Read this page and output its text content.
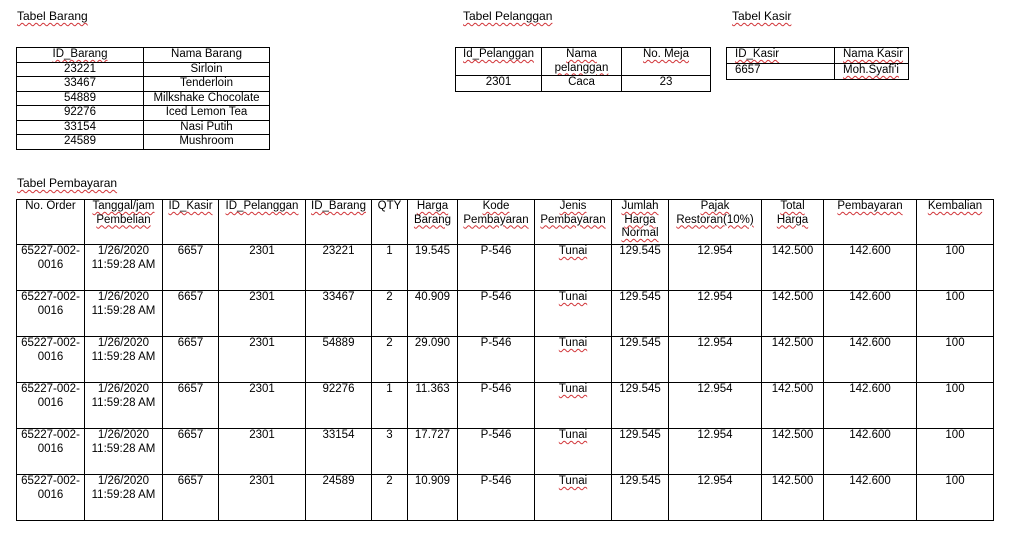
Tabel Barang	Tabel Pelanggan	Tabel Kasir
Tabel Pembayaran
ID_Barang	Nama Barang
23221	Sirloin
33467	Tenderloin
54889	Milkshake Chocolate
92276	Iced Lemon Tea
33154	Nasi Putih
24589	Mushroom
Id_Pelanggan	Nama pelanggan	No. Meja
2301	Caca	23
ID_Kasir	Nama Kasir
6657	Moh.Syafi'i
No. Order	Tanggal/jam Pembelian	ID_Kasir	ID_Pelanggan	ID_Barang	QTY	Harga Barang	Kode Pembayaran	Jenis Pembayaran	Jumlah Harga Normal	Pajak Restoran(10%)	Total Harga	Pembayaran	Kembalian
65227-002-0016	1/26/2020 11:59:28 AM	6657	2301	23221	1	19.545	P-546	Tunai	129.545	12.954	142.500	142.600	100
65227-002-0016	1/26/2020 11:59:28 AM	6657	2301	33467	2	40.909	P-546	Tunai	129.545	12.954	142.500	142.600	100
65227-002-0016	1/26/2020 11:59:28 AM	6657	2301	54889	2	29.090	P-546	Tunai	129.545	12.954	142.500	142.600	100
65227-002-0016	1/26/2020 11:59:28 AM	6657	2301	92276	1	11.363	P-546	Tunai	129.545	12.954	142.500	142.600	100
65227-002-0016	1/26/2020 11:59:28 AM	6657	2301	33154	3	17.727	P-546	Tunai	129.545	12.954	142.500	142.600	100
65227-002-0016	1/26/2020 11:59:28 AM	6657	2301	24589	2	10.909	P-546	Tunai	129.545	12.954	142.500	142.600	100
